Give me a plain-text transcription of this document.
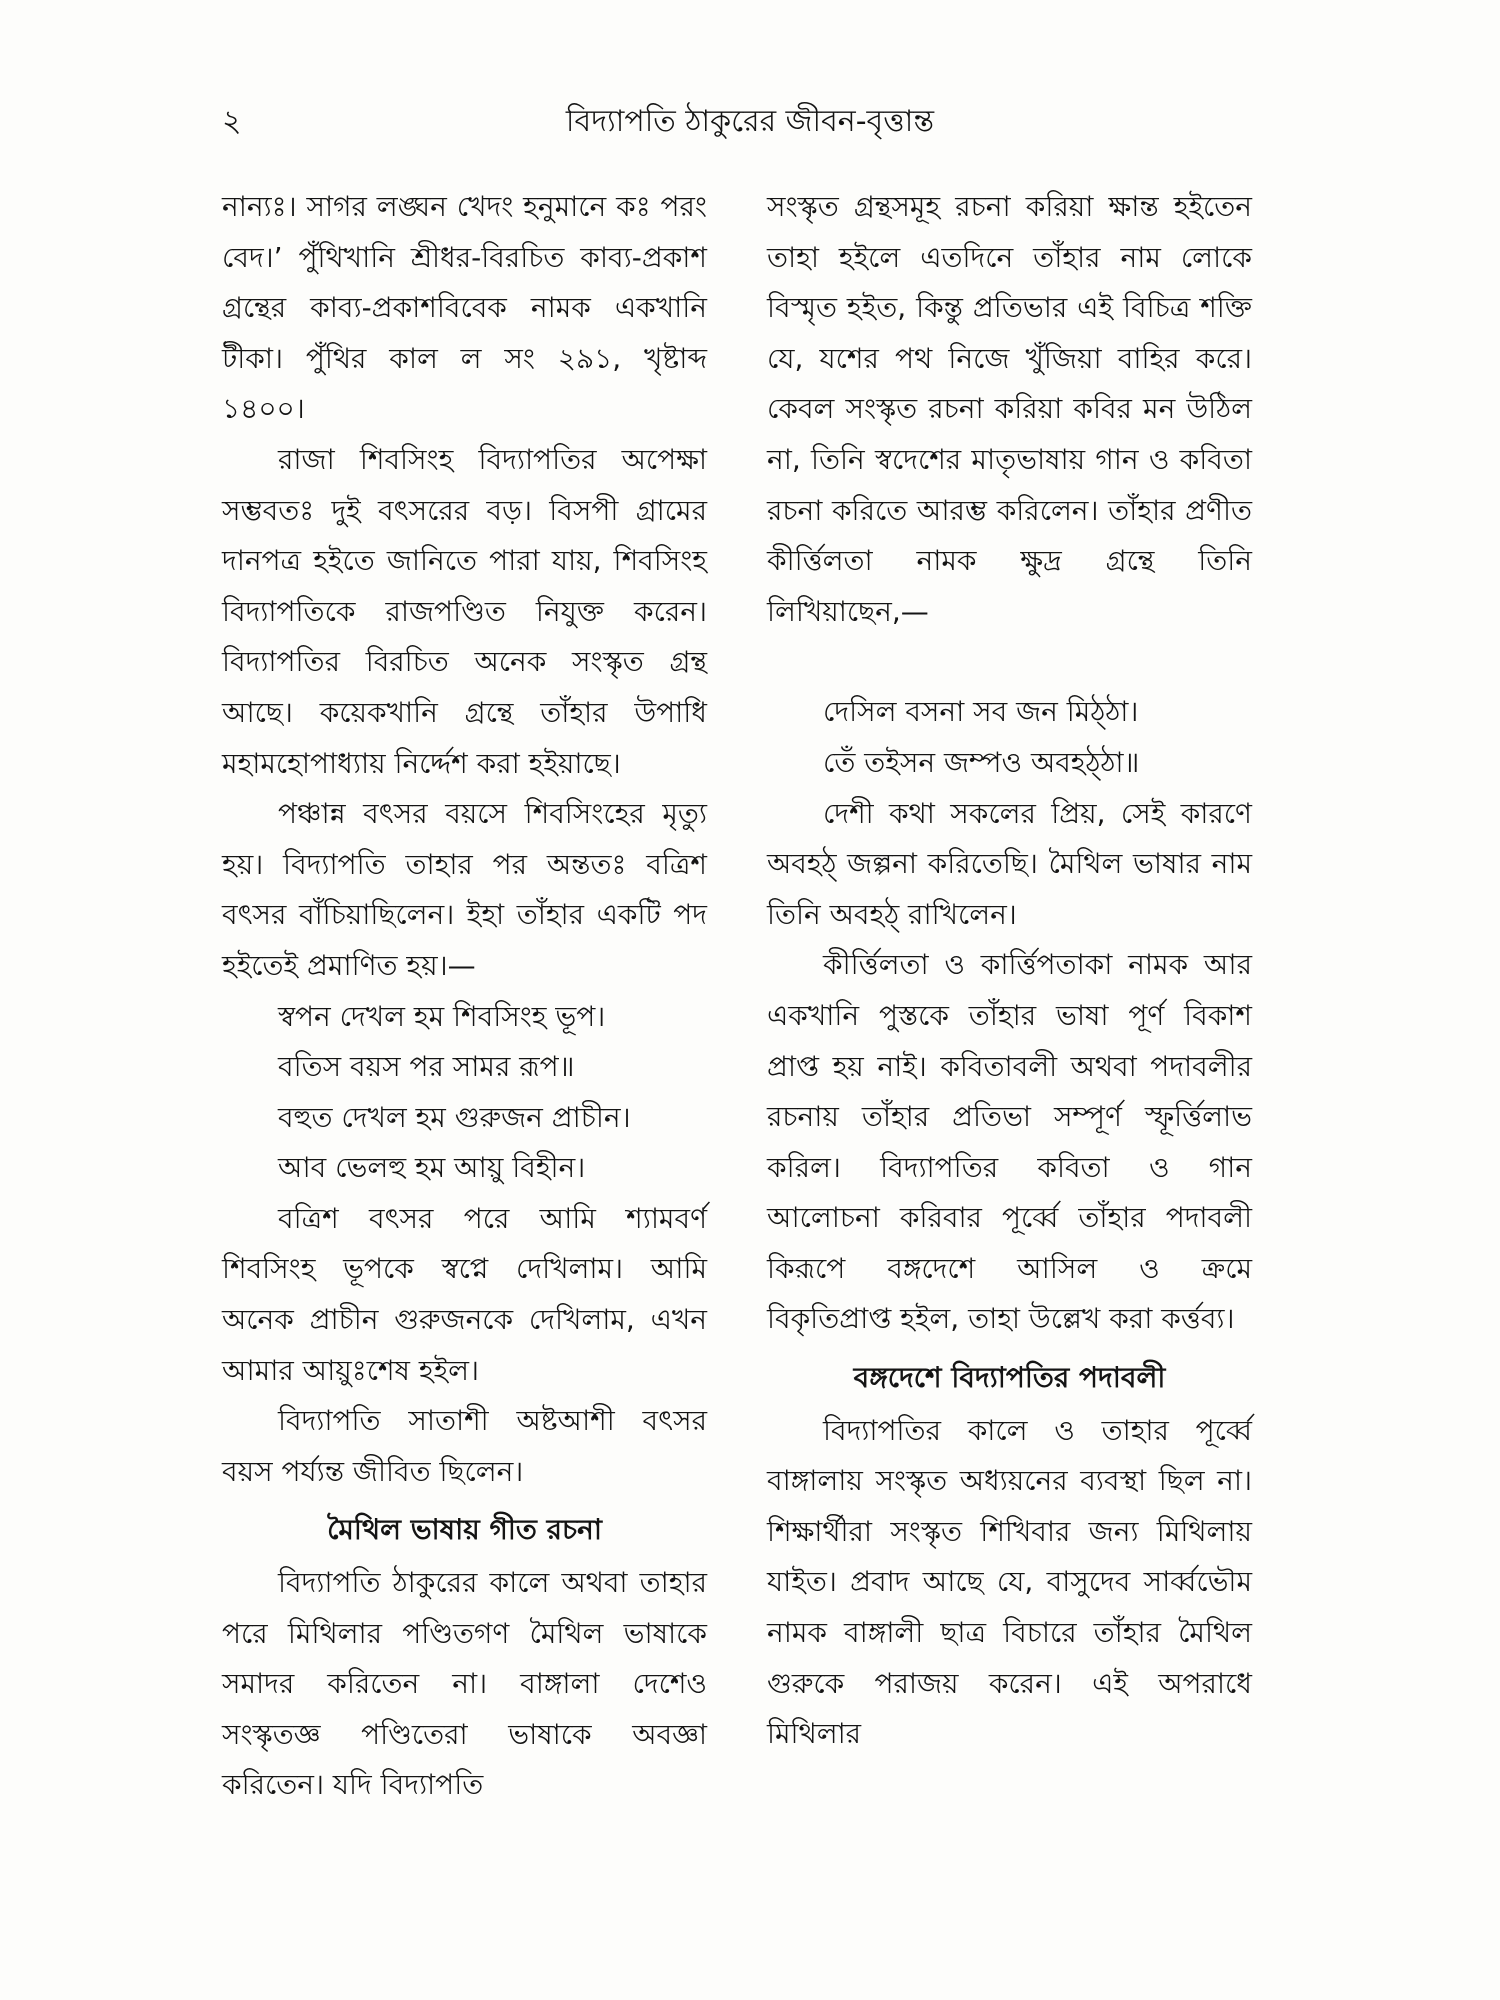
২	বিদ্যাপতি ঠাকুরের জীবন-বৃত্তান্ত

নান্যঃ। সাগর লঙ্ঘন খেদং হনুমানে কঃ পরং বেদ।’ পুঁথিখানি শ্রীধর-বিরচিত কাব্য-প্রকাশ গ্রন্থের কাব্য-প্রকাশবিবেক নামক একখানি টীকা। পুঁথির কাল ল সং ২৯১, খৃষ্টাব্দ ১৪০০।

রাজা শিবসিংহ বিদ্যাপতির অপেক্ষা সম্ভবতঃ দুই বৎসরের বড়। বিসপী গ্রামের দানপত্র হইতে জানিতে পারা যায়, শিবসিংহ বিদ্যাপতিকে রাজপণ্ডিত নিযুক্ত করেন। বিদ্যাপতির বিরচিত অনেক সংস্কৃত গ্রন্থ আছে। কয়েকখানি গ্রন্থে তাঁহার উপাধি মহামহোপাধ্যায় নির্দ্দেশ করা হইয়াছে।

পঞ্চান্ন বৎসর বয়সে শিবসিংহের মৃত্যু হয়। বিদ্যাপতি তাহার পর অন্ততঃ বত্রিশ বৎসর বাঁচিয়াছিলেন। ইহা তাঁহার একটি পদ হইতেই প্রমাণিত হয়।—

স্বপন দেখল হম শিবসিংহ ভূপ।

বতিস বয়স পর সামর রূপ॥

বহুত দেখল হম গুরুজন প্রাচীন।

আব ভেলহু হম আয়ু বিহীন।

বত্রিশ বৎসর পরে আমি শ্যামবর্ণ শিবসিংহ ভূপকে স্বপ্নে দেখিলাম। আমি অনেক প্রাচীন গুরুজনকে দেখিলাম, এখন আমার আয়ুঃশেষ হইল।

বিদ্যাপতি সাতাশী অষ্টআশী বৎসর বয়স পর্য্যন্ত জীবিত ছিলেন।

মৈথিল ভাষায় গীত রচনা

বিদ্যাপতি ঠাকুরের কালে অথবা তাহার পরে মিথিলার পণ্ডিতগণ মৈথিল ভাষাকে সমাদর করিতেন না। বাঙ্গালা দেশেও সংস্কৃতজ্ঞ পণ্ডিতেরা ভাষাকে অবজ্ঞা করিতেন। যদি বিদ্যাপতি

সংস্কৃত গ্রন্থসমূহ রচনা করিয়া ক্ষান্ত হইতেন তাহা হইলে এতদিনে তাঁহার নাম লোকে বিস্মৃত হইত, কিন্তু প্রতিভার এই বিচিত্র শক্তি যে, যশের পথ নিজে খুঁজিয়া বাহির করে। কেবল সংস্কৃত রচনা করিয়া কবির মন উঠিল না, তিনি স্বদেশের মাতৃভাষায় গান ও কবিতা রচনা করিতে আরম্ভ করিলেন। তাঁহার প্রণীত কীর্ত্তিলতা নামক ক্ষুদ্র গ্রন্থে তিনি লিখিয়াছেন,—

দেসিল বসনা সব জন মিঠ্‌ঠা।

তেঁ তইসন জম্পও অবহঠ্‌ঠা॥

দেশী কথা সকলের প্রিয়, সেই কারণে অবহঠ্ জল্পনা করিতেছি। মৈথিল ভাষার নাম তিনি অবহঠ্ রাখিলেন।

কীর্ত্তিলতা ও কার্ত্তিপতাকা নামক আর একখানি পুস্তকে তাঁহার ভাষা পূর্ণ বিকাশ প্রাপ্ত হয় নাই। কবিতাবলী অথবা পদাবলীর রচনায় তাঁহার প্রতিভা সম্পূর্ণ স্ফূর্ত্তিলাভ করিল। বিদ্যাপতির কবিতা ও গান আলোচনা করিবার পূর্ব্বে তাঁহার পদাবলী কিরূপে বঙ্গদেশে আসিল ও ক্রমে বিকৃতিপ্রাপ্ত হইল, তাহা উল্লেখ করা কর্ত্তব্য।

বঙ্গদেশে বিদ্যাপতির পদাবলী

বিদ্যাপতির কালে ও তাহার পূর্ব্বে বাঙ্গালায় সংস্কৃত অধ্যয়নের ব্যবস্থা ছিল না। শিক্ষার্থীরা সংস্কৃত শিখিবার জন্য মিথিলায় যাইত। প্রবাদ আছে যে, বাসুদেব সার্ব্বভৌম নামক বাঙ্গালী ছাত্র বিচারে তাঁহার মৈথিল গুরুকে পরাজয় করেন। এই অপরাধে মিথিলার
